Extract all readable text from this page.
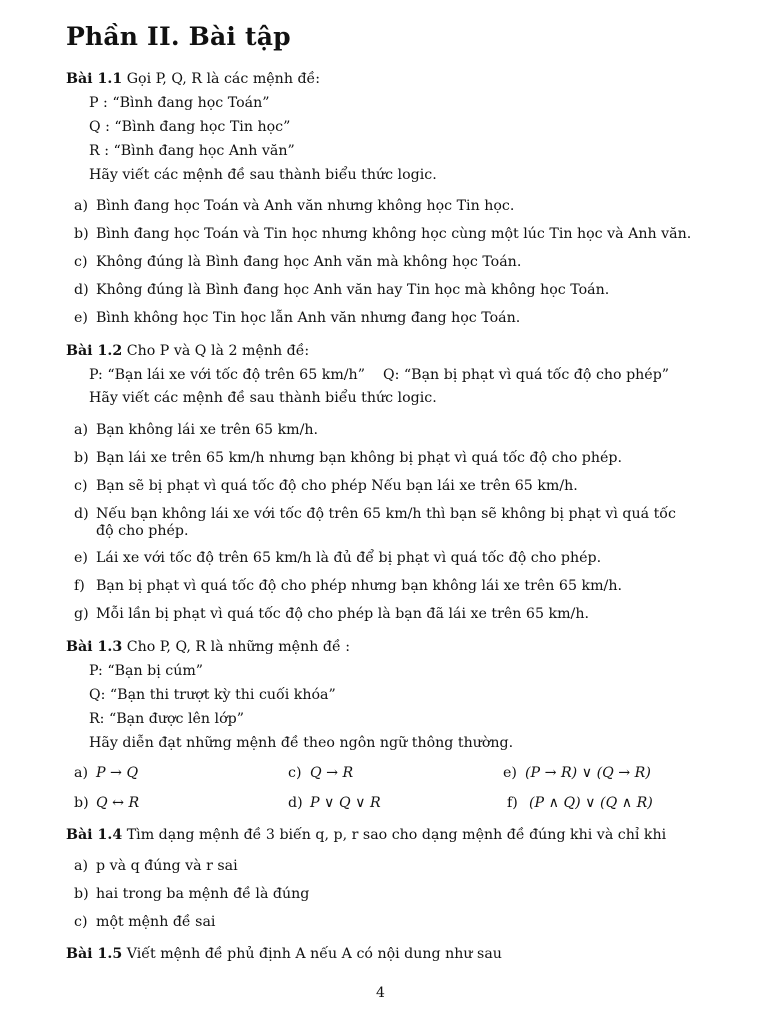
Phần II. Bài tập
Bài 1.1 Gọi P, Q, R là các mệnh đề:
P : “Bình đang học Toán”
Q : “Bình đang học Tin học”
R : “Bình đang học Anh văn”
Hãy viết các mệnh đề sau thành biểu thức logic.
a) Bình đang học Toán và Anh văn nhưng không học Tin học.
b) Bình đang học Toán và Tin học nhưng không học cùng một lúc Tin học và Anh văn.
c) Không đúng là Bình đang học Anh văn mà không học Toán.
d) Không đúng là Bình đang học Anh văn hay Tin học mà không học Toán.
e) Bình không học Tin học lẫn Anh văn nhưng đang học Toán.
Bài 1.2 Cho P và Q là 2 mệnh đề:
P: “Bạn lái xe với tốc độ trên 65 km/h” Q: “Bạn bị phạt vì quá tốc độ cho phép”
Hãy viết các mệnh đề sau thành biểu thức logic.
a) Bạn không lái xe trên 65 km/h.
b) Bạn lái xe trên 65 km/h nhưng bạn không bị phạt vì quá tốc độ cho phép.
c) Bạn sẽ bị phạt vì quá tốc độ cho phép Nếu bạn lái xe trên 65 km/h.
d) Nếu bạn không lái xe với tốc độ trên 65 km/h thì bạn sẽ không bị phạt vì quá tốc độ cho phép.
e) Lái xe với tốc độ trên 65 km/h là đủ để bị phạt vì quá tốc độ cho phép.
f) Bạn bị phạt vì quá tốc độ cho phép nhưng bạn không lái xe trên 65 km/h.
g) Mỗi lần bị phạt vì quá tốc độ cho phép là bạn đã lái xe trên 65 km/h.
Bài 1.3 Cho P, Q, R là những mệnh đề :
P: “Bạn bị cúm”
Q: “Bạn thi trượt kỳ thi cuối khóa”
R: “Bạn được lên lớp”
Hãy diễn đạt những mệnh đề theo ngôn ngữ thông thường.
a) P → Q	c) Q → R	e) (P → R) ∨ (Q → R)
b) Q ↔ R	d) P ∨ Q ∨ R	f) (P ∧ Q) ∨ (Q ∧ R)
Bài 1.4 Tìm dạng mệnh đề 3 biến q, p, r sao cho dạng mệnh đề đúng khi và chỉ khi
a) p và q đúng và r sai
b) hai trong ba mệnh đề là đúng
c) một mệnh đề sai
Bài 1.5 Viết mệnh đề phủ định A nếu A có nội dung như sau
4
